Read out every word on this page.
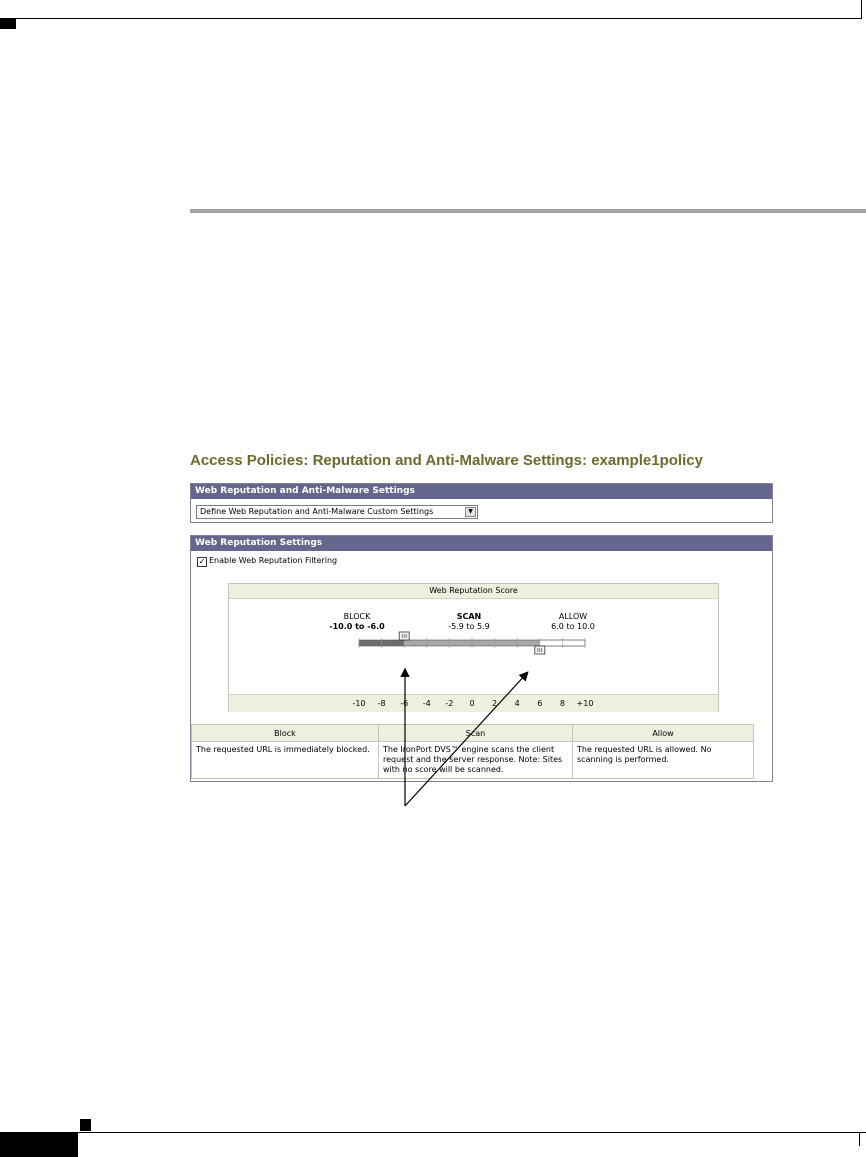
Access Policies: Reputation and Anti-Malware Settings: example1policy
Web Reputation and Anti-Malware Settings
Define Web Reputation and Anti-Malware Custom Settings	▼
Web Reputation Settings
✓ Enable Web Reputation Filtering
Web Reputation Score
BLOCK
-10.0 to -6.0
SCAN
-5.9 to 5.9
ALLOW
6.0 to 10.0
-10	-8	-6	-4	-2	0	2	4	6	8	+10
Block	Scan	Allow
The requested URL is immediately blocked.	The IronPort DVS™ engine scans the client request and the server response. Note: Sites with no score will be scanned.	The requested URL is allowed. No scanning is performed.
